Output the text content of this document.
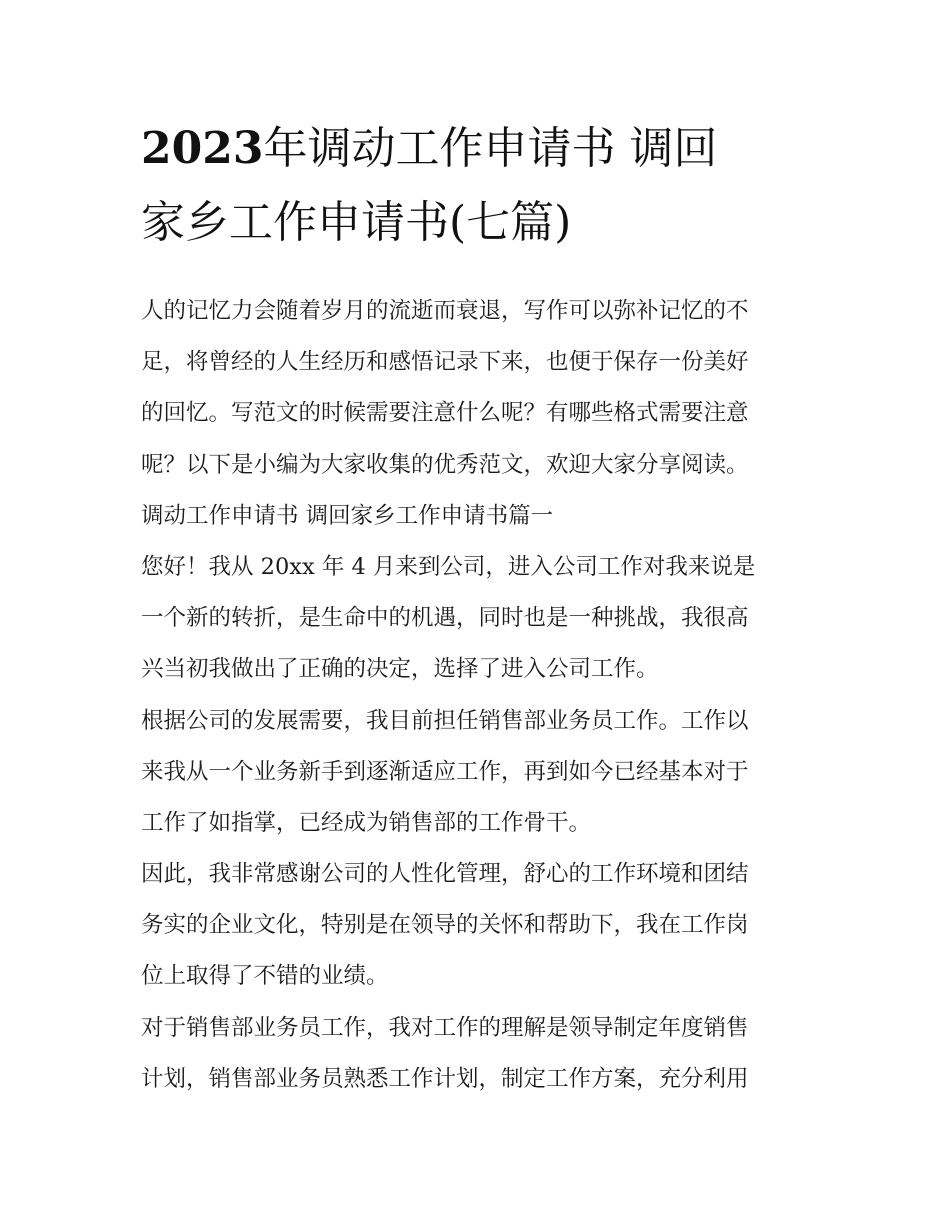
2023年调动工作申请书 调回
家乡工作申请书(七篇)
人的记忆力会随着岁月的流逝而衰退，写作可以弥补记忆的不
足，将曾经的人生经历和感悟记录下来，也便于保存一份美好
的回忆。写范文的时候需要注意什么呢？有哪些格式需要注意
呢？以下是小编为大家收集的优秀范文，欢迎大家分享阅读。
调动工作申请书 调回家乡工作申请书篇一
您好！我从 20xx 年 4 月来到公司，进入公司工作对我来说是
一个新的转折，是生命中的机遇，同时也是一种挑战，我很高
兴当初我做出了正确的决定，选择了进入公司工作。
根据公司的发展需要，我目前担任销售部业务员工作。工作以
来我从一个业务新手到逐渐适应工作，再到如今已经基本对于
工作了如指掌，已经成为销售部的工作骨干。
因此，我非常感谢公司的人性化管理，舒心的工作环境和团结
务实的企业文化，特别是在领导的关怀和帮助下，我在工作岗
位上取得了不错的业绩。
对于销售部业务员工作，我对工作的理解是领导制定年度销售
计划，销售部业务员熟悉工作计划，制定工作方案，充分利用
